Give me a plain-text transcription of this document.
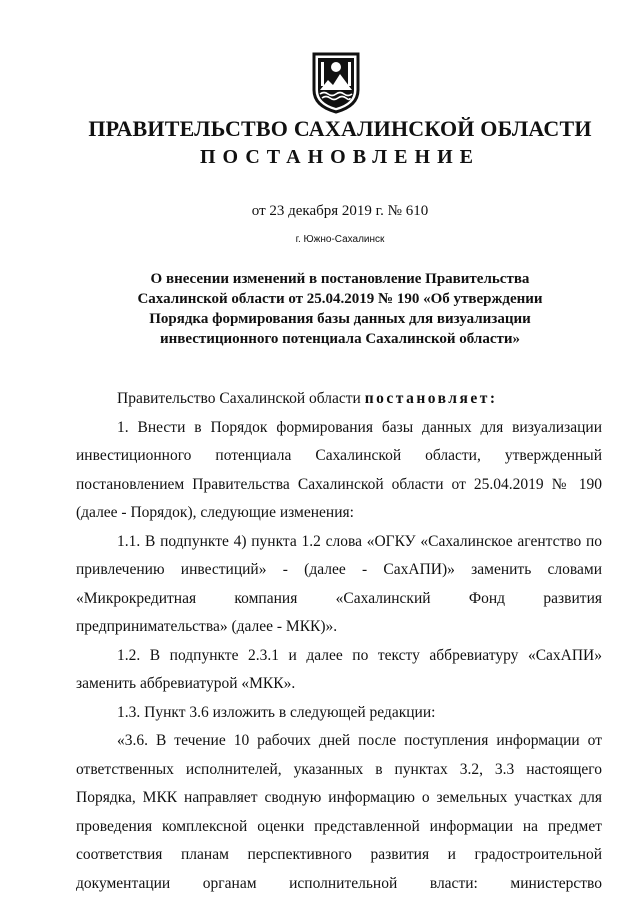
ПРАВИТЕЛЬСТВО САХАЛИНСКОЙ ОБЛАСТИ
ПОСТАНОВЛЕНИЕ
от 23 декабря 2019 г. № 610
г. Южно-Сахалинск
О внесении изменений в постановление Правительства
Сахалинской области от 25.04.2019 № 190 «Об утверждении
Порядка формирования базы данных для визуализации
инвестиционного потенциала Сахалинской области»
Правительство Сахалинской области постановляет:
1. Внести в Порядок формирования базы данных для визуализации
инвестиционного потенциала Сахалинской области, утвержденный
постановлением Правительства Сахалинской области от 25.04.2019 № 190
(далее - Порядок), следующие изменения:
1.1. В подпункте 4) пункта 1.2 слова «ОГКУ «Сахалинское агентство по
привлечению инвестиций» - (далее - СахАПИ)» заменить словами
«Микрокредитная компания «Сахалинский Фонд развития
предпринимательства» (далее - МКК)».
1.2. В подпункте 2.3.1 и далее по тексту аббревиатуру «СахАПИ»
заменить аббревиатурой «МКК».
1.3. Пункт 3.6 изложить в следующей редакции:
«3.6. В течение 10 рабочих дней после поступления информации от
ответственных исполнителей, указанных в пунктах 3.2, 3.3 настоящего
Порядка, МКК направляет сводную информацию о земельных участках для
проведения комплексной оценки представленной информации на предмет
соответствия планам перспективного развития и градостроительной
документации органам исполнительной власти: министерство
